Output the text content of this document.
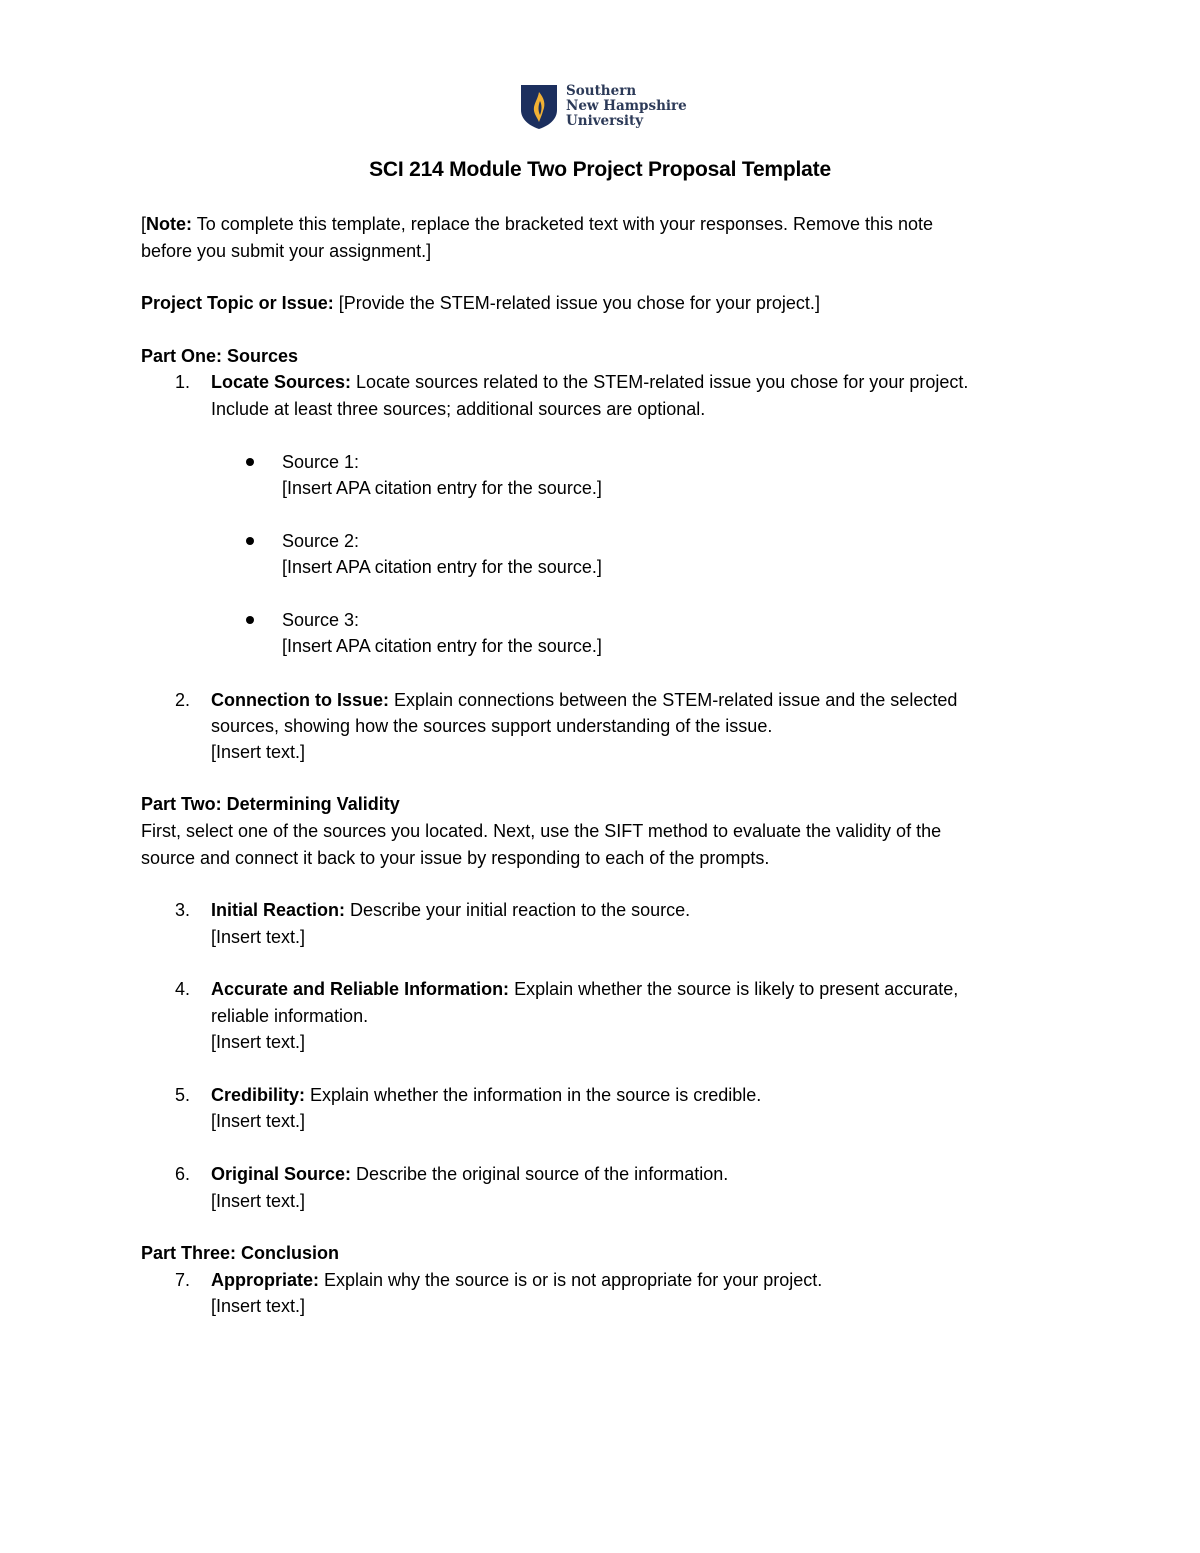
Southern
New Hampshire
University
SCI 214 Module Two Project Proposal Template
[Note: To complete this template, replace the bracketed text with your responses. Remove this note
before you submit your assignment.]
Project Topic or Issue: [Provide the STEM-related issue you chose for your project.]
Part One: Sources
1. Locate Sources: Locate sources related to the STEM-related issue you chose for your project.
Include at least three sources; additional sources are optional.
Source 1:
[Insert APA citation entry for the source.]
Source 2:
[Insert APA citation entry for the source.]
Source 3:
[Insert APA citation entry for the source.]
2. Connection to Issue: Explain connections between the STEM-related issue and the selected
sources, showing how the sources support understanding of the issue.
[Insert text.]
Part Two: Determining Validity
First, select one of the sources you located. Next, use the SIFT method to evaluate the validity of the
source and connect it back to your issue by responding to each of the prompts.
3. Initial Reaction: Describe your initial reaction to the source.
[Insert text.]
4. Accurate and Reliable Information: Explain whether the source is likely to present accurate,
reliable information.
[Insert text.]
5. Credibility: Explain whether the information in the source is credible.
[Insert text.]
6. Original Source: Describe the original source of the information.
[Insert text.]
Part Three: Conclusion
7. Appropriate: Explain why the source is or is not appropriate for your project.
[Insert text.]
